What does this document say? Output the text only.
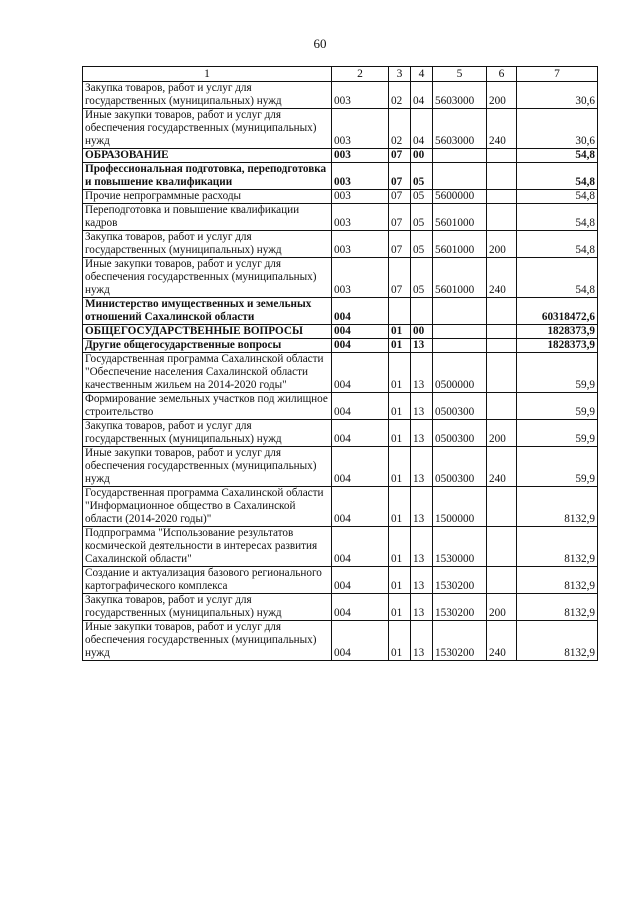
60
1	2	3	4	5	6	7
Закупка товаров, работ и услуг для государственных (муниципальных) нужд	003	02	04	5603000	200	30,6
Иные закупки товаров, работ и услуг для обеспечения государственных (муниципальных) нужд	003	02	04	5603000	240	30,6
ОБРАЗОВАНИЕ	003	07	00			54,8
Профессиональная подготовка, переподготовка и повышение квалификации	003	07	05			54,8
Прочие непрограммные расходы	003	07	05	5600000		54,8
Переподготовка и повышение квалификации кадров	003	07	05	5601000		54,8
Закупка товаров, работ и услуг для государственных (муниципальных) нужд	003	07	05	5601000	200	54,8
Иные закупки товаров, работ и услуг для обеспечения государственных (муниципальных) нужд	003	07	05	5601000	240	54,8
Министерство имущественных и земельных отношений Сахалинской области	004					60318472,6
ОБЩЕГОСУДАРСТВЕННЫЕ ВОПРОСЫ	004	01	00			1828373,9
Другие общегосударственные вопросы	004	01	13			1828373,9
Государственная программа Сахалинской области "Обеспечение населения Сахалинской области качественным жильем на 2014-2020 годы"	004	01	13	0500000		59,9
Формирование земельных участков под жилищное строительство	004	01	13	0500300		59,9
Закупка товаров, работ и услуг для государственных (муниципальных) нужд	004	01	13	0500300	200	59,9
Иные закупки товаров, работ и услуг для обеспечения государственных (муниципальных) нужд	004	01	13	0500300	240	59,9
Государственная программа Сахалинской области "Информационное общество в Сахалинской области (2014-2020 годы)"	004	01	13	1500000		8132,9
Подпрограмма "Использование результатов космической деятельности в интересах развития Сахалинской области"	004	01	13	1530000		8132,9
Создание и актуализация базового регионального картографического комплекса	004	01	13	1530200		8132,9
Закупка товаров, работ и услуг для государственных (муниципальных) нужд	004	01	13	1530200	200	8132,9
Иные закупки товаров, работ и услуг для обеспечения государственных (муниципальных) нужд	004	01	13	1530200	240	8132,9
